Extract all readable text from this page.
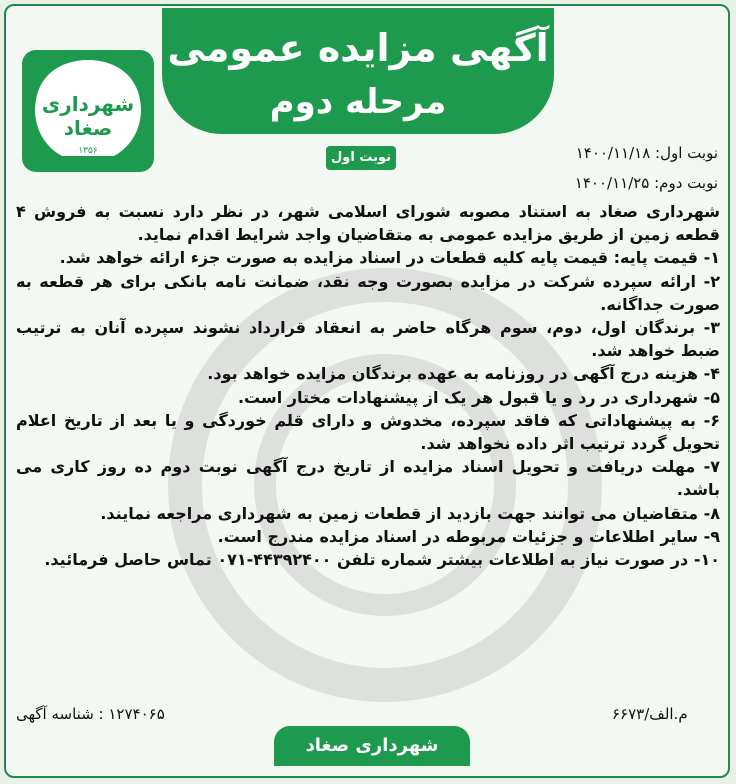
آگهی مزایده عمومی
مرحله دوم
نوبت اول
شهرداری صغاد
۱۳۵۶	نوبت اول: ۱۴۰۰/۱۱/۱۸
نوبت دوم: ۱۴۰۰/۱۱/۲۵

شهرداری صغاد به استناد مصوبه شورای اسلامی شهر، در نظر دارد نسبت به فروش ۴ قطعه زمین از طریق مزایده عمومی به متقاضیان واجد شرایط اقدام نماید.

۱- قیمت پایه: قیمت پایه کلیه قطعات در اسناد مزایده به صورت جزء ارائه خواهد شد.

۲- ارائه سپرده شرکت در مزایده بصورت وجه نقد، ضمانت نامه بانکی برای هر قطعه به صورت جداگانه.

۳- برندگان اول، دوم، سوم هرگاه حاضر به انعقاد قرارداد نشوند سپرده آنان به ترتیب ضبط خواهد شد.

۴- هزینه درج آگهی در روزنامه به عهده برندگان مزایده خواهد بود.

۵- شهرداری در رد و یا قبول هر یک از پیشنهادات مختار است.

۶- به پیشنهاداتی که فاقد سپرده، مخدوش و دارای قلم خوردگی و یا بعد از تاریخ اعلام تحویل گردد ترتیب اثر داده نخواهد شد.

۷- مهلت دریافت و تحویل اسناد مزایده از تاریخ درج آگهی نوبت دوم ده روز کاری می باشد.

۸- متقاضیان می توانند جهت بازدید از قطعات زمین به شهرداری مراجعه نمایند.

۹- سایر اطلاعات و جزئیات مربوطه در اسناد مزایده مندرج است.

۱۰- در صورت نیاز به اطلاعات بیشتر شماره تلفن ۴۴۳۹۲۴۰۰-۰۷۱ تماس حاصل فرمائید.

۱۲۷۴۰۶۵ : شناسه آگهی	م.الف/۶۶۷۳
شهرداری صغاد
